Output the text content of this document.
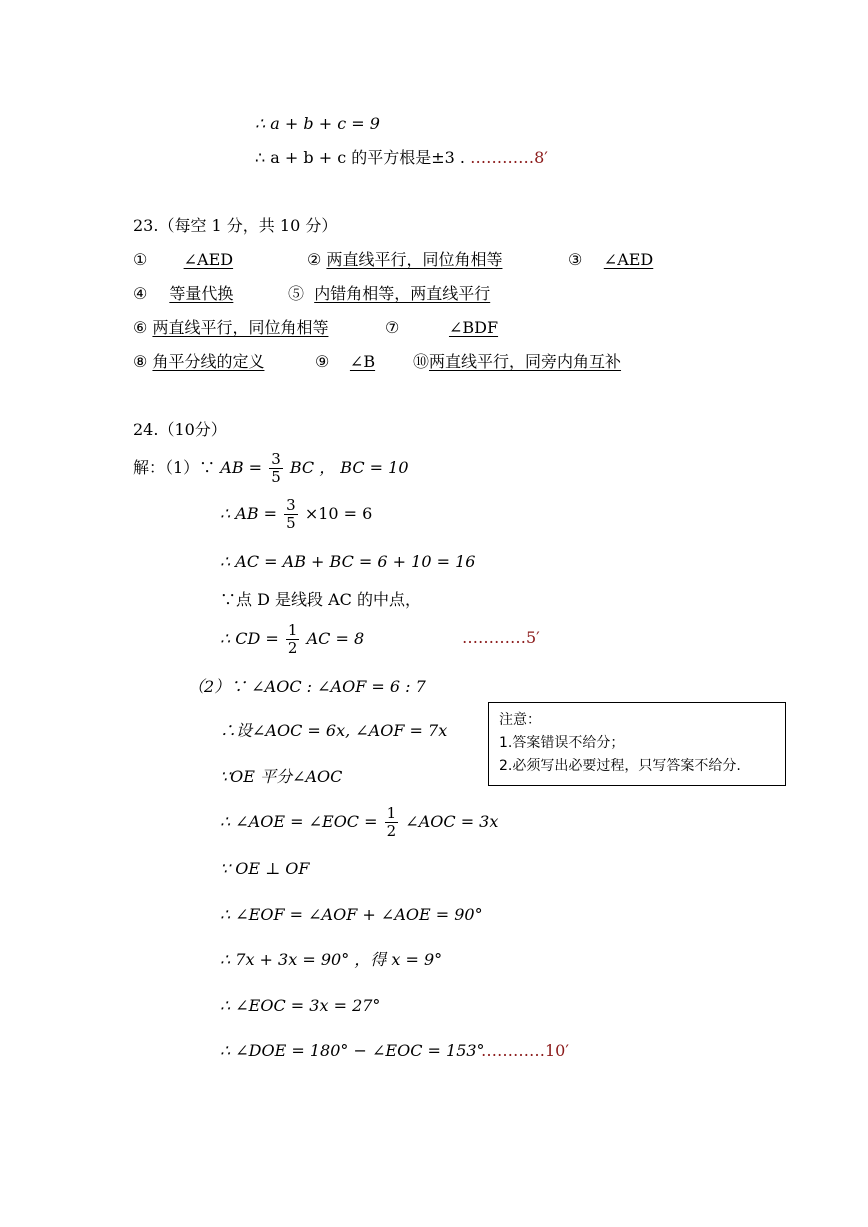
∴ a + b + c = 9
∴ a + b + c 的平方根是±3 . …………8′
23.（每空 1 分，共 10 分）
① ∠AED	② 两直线平行，同位角相等	③ ∠AED
④ 等量代换	⑤ 内错角相等，两直线平行
⑥ 两直线平行，同位角相等	⑦	∠BDF
⑧ 角平分线的定义	⑨ ∠B	⑩两直线平行，同旁内角互补
24.（10分）
解：（1）∵ AB = $\frac{3}{5}$ BC ， BC = 10
∴ AB = $\frac{3}{5} \times 10 = 6$
∴ AC = AB + BC = 6 + 10 = 16
∵点 D 是线段 AC 的中点，
∴ CD = $\frac{1}{2}$ AC = 8	…………5′
（2）∵ ∠AOC : ∠AOF = 6 : 7
∴设∠AOC = 6x, ∠AOF = 7x
∵OE 平分∠AOC
∴ ∠AOE = ∠EOC = $\frac{1}{2}$ ∠AOC = 3x
∵ OE ⊥ OF
∴ ∠EOF = ∠AOF + ∠AOE = 90°
∴ 7x + 3x = 90° ，得 x = 9°
∴ ∠EOC = 3x = 27°
∴ ∠DOE = 180° − ∠EOC = 153°
…………10′
注意：
1.答案错误不给分；
2.必须写出必要过程，只写答案不给分.
